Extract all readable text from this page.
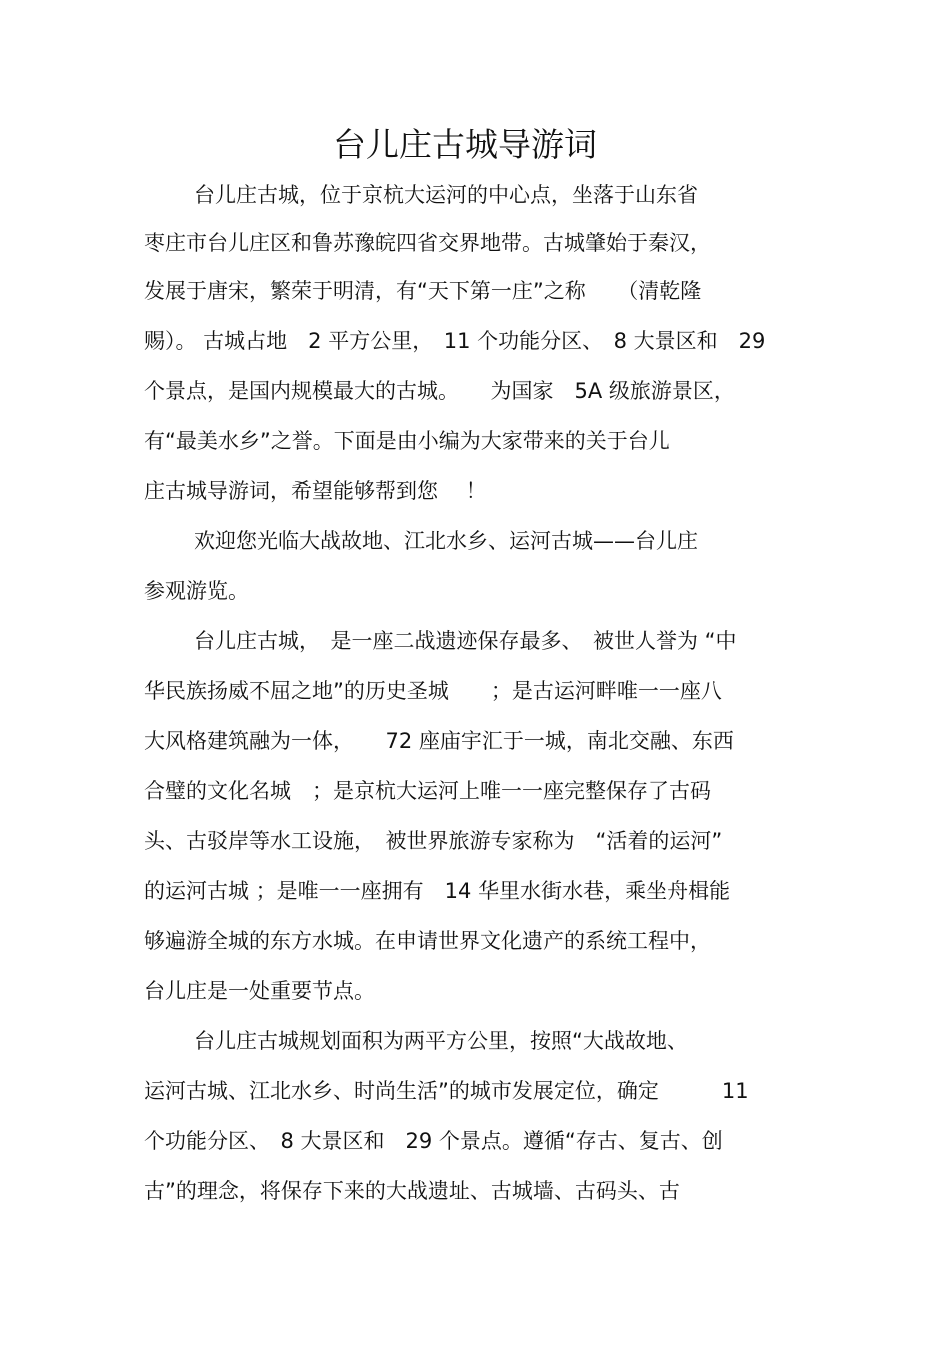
台儿庄古城导游词

台儿庄古城，位于京杭大运河的中心点，坐落于山东省

枣庄市台儿庄区和鲁苏豫皖四省交界地带。古城肇始于秦汉，

发展于唐宋，繁荣于明清，有“天下第一庄”之称　　（清乾隆

赐）。 古城占地　2 平方公里，　11 个功能分区、　8 大景区和　29

个景点，是国内规模最大的古城。　　为国家　5A 级旅游景区，

有“最美水乡”之誉。下面是由小编为大家带来的关于台儿

庄古城导游词，希望能够帮到您　 ！

欢迎您光临大战故地、江北水乡、运河古城——台儿庄

参观游览。

台儿庄古城，　是一座二战遗迹保存最多、　被世人誉为 “中

华民族扬威不屈之地”的历史圣城　　；是古运河畔唯一一座八

大风格建筑融为一体，　　72 座庙宇汇于一城，南北交融、东西

合璧的文化名城　；是京杭大运河上唯一一座完整保存了古码

头、古驳岸等水工设施，　被世界旅游专家称为　“活着的运河”

的运河古城 ；是唯一一座拥有　14 华里水街水巷，乘坐舟楫能

够遍游全城的东方水城。在申请世界文化遗产的系统工程中，

台儿庄是一处重要节点。

台儿庄古城规划面积为两平方公里，按照“大战故地、

运河古城、江北水乡、时尚生活”的城市发展定位，确定　　　11

个功能分区、　8 大景区和　29 个景点。遵循“存古、复古、创

古”的理念，将保存下来的大战遗址、古城墙、古码头、古
